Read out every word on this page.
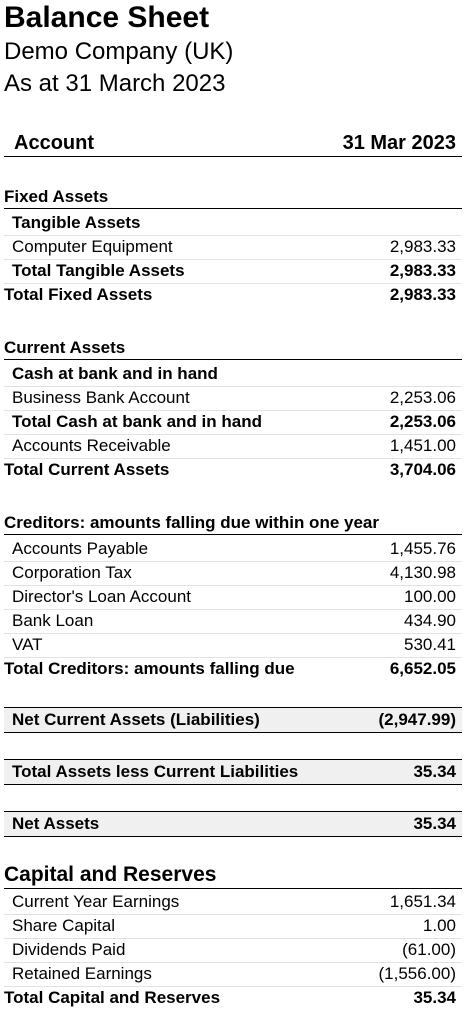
Balance Sheet
Demo Company (UK)
As at 31 March 2023
Account	31 Mar 2023
Fixed Assets
Tangible Assets
Computer Equipment	2,983.33
Total Tangible Assets	2,983.33
Total Fixed Assets	2,983.33
Current Assets
Cash at bank and in hand
Business Bank Account	2,253.06
Total Cash at bank and in hand	2,253.06
Accounts Receivable	1,451.00
Total Current Assets	3,704.06
Creditors: amounts falling due within one year
Accounts Payable	1,455.76
Corporation Tax	4,130.98
Director's Loan Account	100.00
Bank Loan	434.90
VAT	530.41
Total Creditors: amounts falling due	6,652.05
Net Current Assets (Liabilities)	(2,947.99)
Total Assets less Current Liabilities	35.34
Net Assets	35.34
Capital and Reserves
Current Year Earnings	1,651.34
Share Capital	1.00
Dividends Paid	(61.00)
Retained Earnings	(1,556.00)
Total Capital and Reserves	35.34
